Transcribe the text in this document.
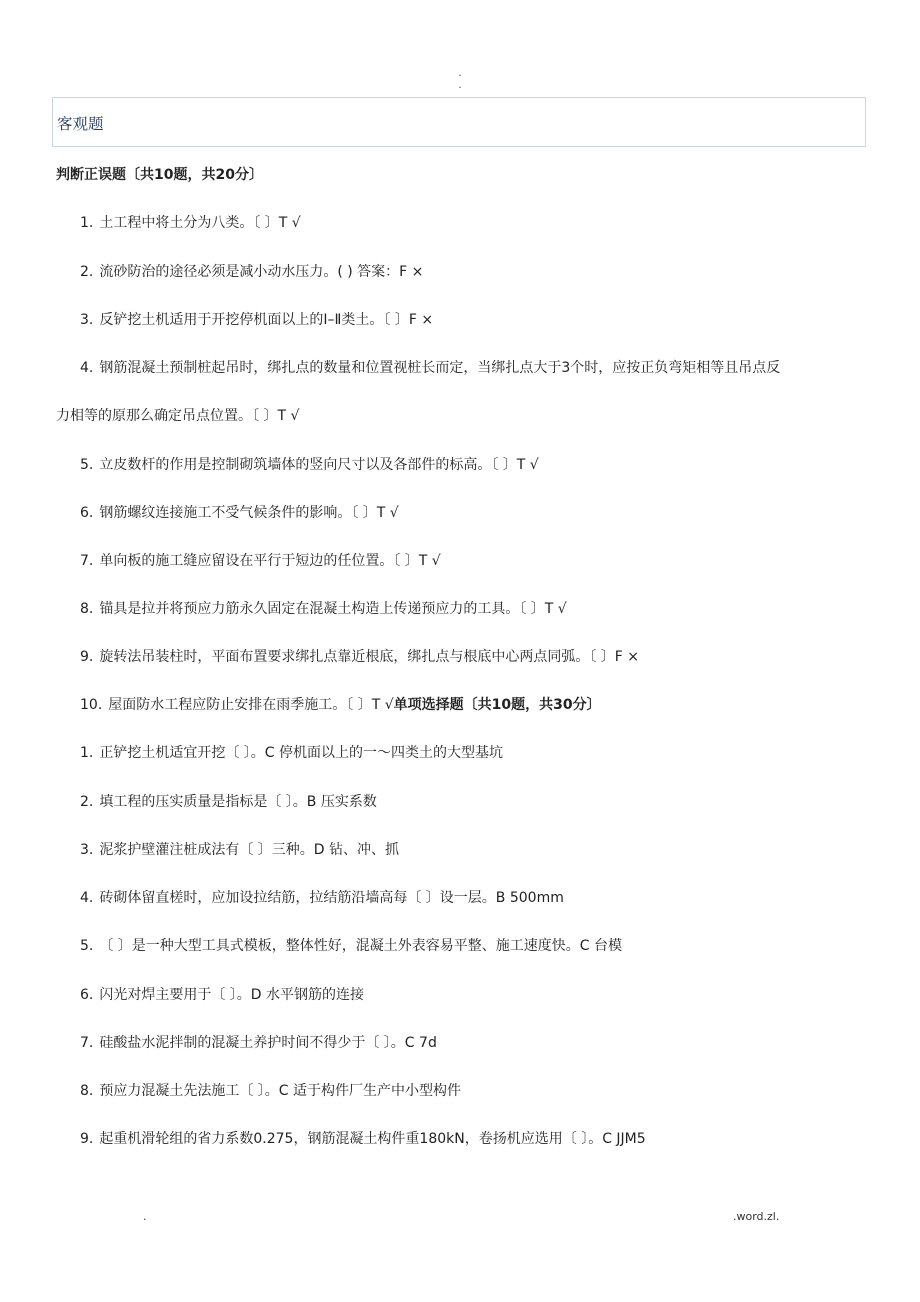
.
.
客观题
判断正误题〔共10题，共20分〕
1. 土工程中将土分为八类。〔 〕T √
2. 流砂防治的途径必须是减小动水压力。( ) 答案：F ×
3. 反铲挖土机适用于开挖停机面以上的Ⅰ–Ⅱ类土。〔 〕F ×
4. 钢筋混凝土预制桩起吊时，绑扎点的数量和位置视桩长而定，当绑扎点大于3个时，应按正负弯矩相等且吊点反
力相等的原那么确定吊点位置。〔 〕T √
5. 立皮数杆的作用是控制砌筑墙体的竖向尺寸以及各部件的标高。〔 〕T √
6. 钢筋螺纹连接施工不受气候条件的影响。〔 〕T √
7. 单向板的施工缝应留设在平行于短边的任位置。〔 〕T √
8. 锚具是拉并将预应力筋永久固定在混凝土构造上传递预应力的工具。〔 〕T √
9. 旋转法吊装柱时，平面布置要求绑扎点靠近根底，绑扎点与根底中心两点同弧。〔 〕F ×
10. 屋面防水工程应防止安排在雨季施工。〔 〕T √单项选择题〔共10题，共30分〕
1. 正铲挖土机适宜开挖〔 〕。C 停机面以上的一～四类土的大型基坑
2. 填工程的压实质量是指标是〔 〕。B 压实系数
3. 泥浆护壁灌注桩成法有〔 〕三种。D 钻、冲、抓
4. 砖砌体留直槎时，应加设拉结筋，拉结筋沿墙高每〔 〕设一层。B 500mm
5. 〔 〕是一种大型工具式模板，整体性好，混凝土外表容易平整、施工速度快。C 台模
6. 闪光对焊主要用于〔 〕。D 水平钢筋的连接
7. 硅酸盐水泥拌制的混凝土养护时间不得少于〔 〕。C 7d
8. 预应力混凝土先法施工〔 〕。C 适于构件厂生产中小型构件
9. 起重机滑轮组的省力系数0.275，钢筋混凝土构件重180kN，卷扬机应选用〔 〕。C JJM5
.	.word.zl.
